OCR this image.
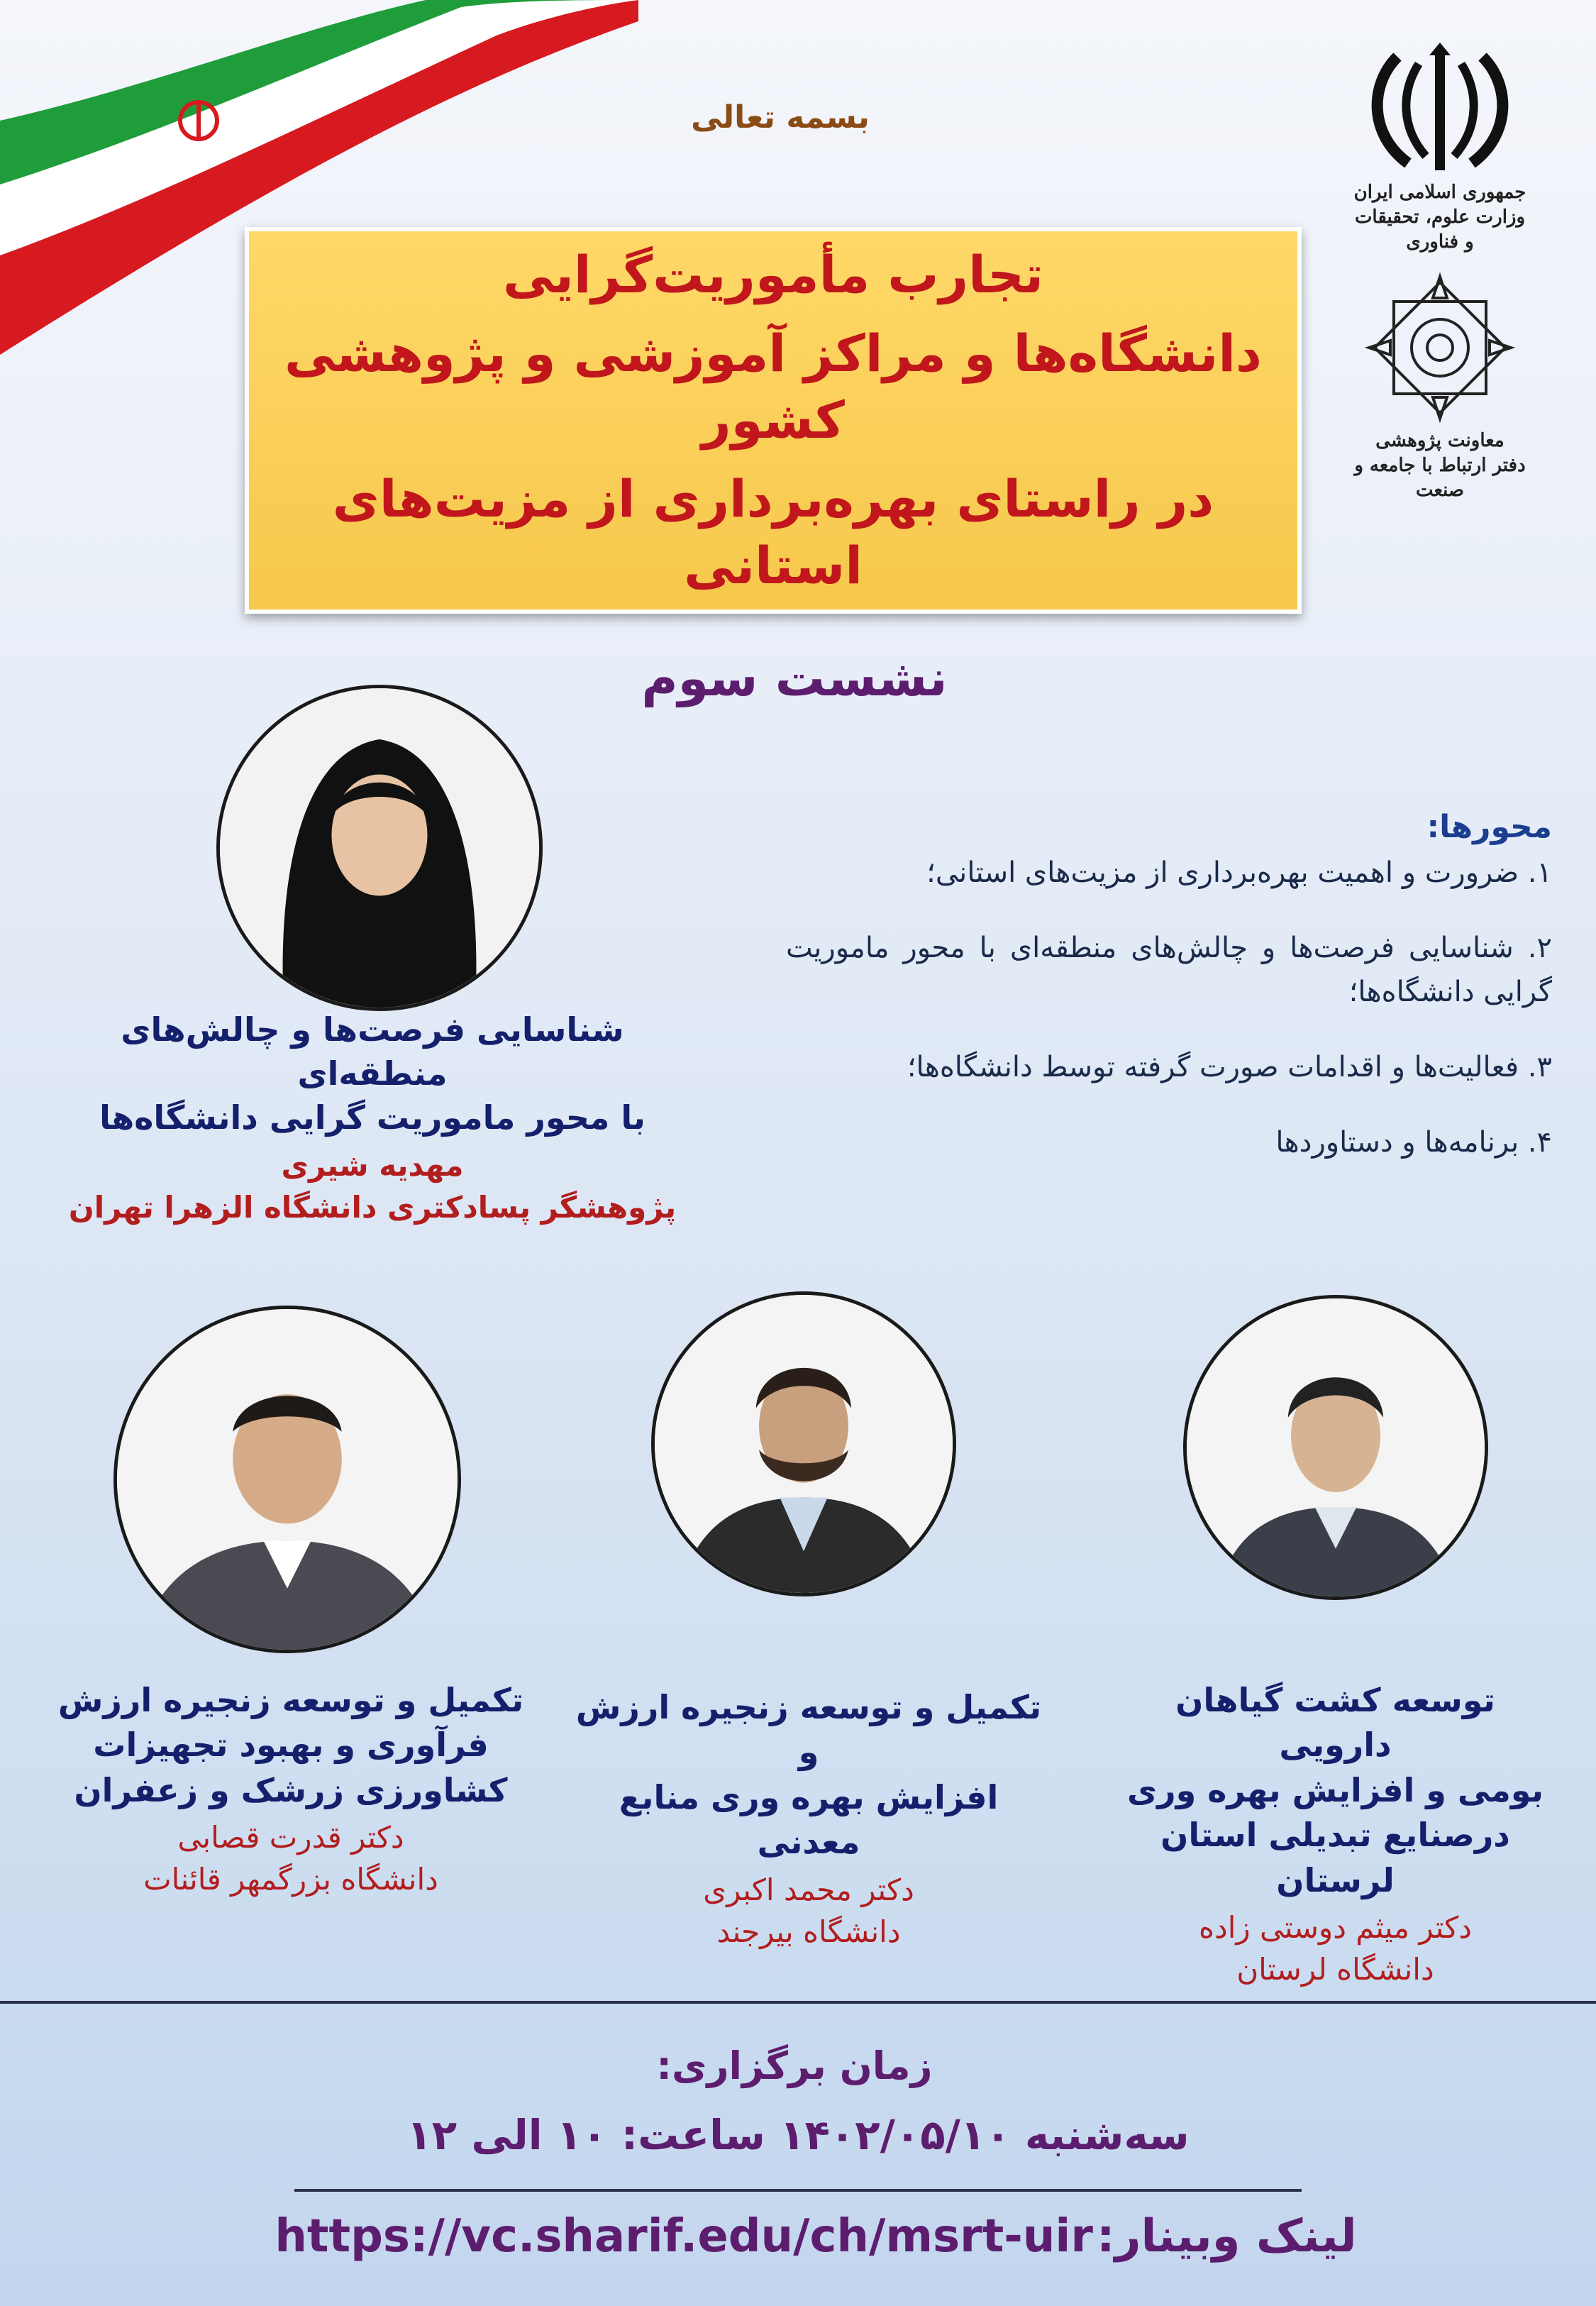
بسمه تعالی
جمهوری اسلامی ایران
وزارت علوم، تحقیقات و فناوری
معاونت پژوهشی
دفتر ارتباط با جامعه و صنعت
تجارب مأموریت‌گرایی
دانشگاه‌ها و مراکز آموزشی و پژوهشی کشور
در راستای بهره‌برداری از مزیت‌های استانی
نشست سوم
شناسایی فرصت‌ها و چالش‌های منطقه‌ای
با محور ماموریت گرایی دانشگاه‌ها
مهدیه شیری
پژوهشگر پسادکتری دانشگاه الزهرا تهران
محورها:
۱. ضرورت و اهمیت بهره‌برداری از مزیت‌های استانی؛
۲. شناسایی فرصت‌ها و چالش‌های منطقه‌ای با محور ماموریت گرایی دانشگاه‌ها؛
۳. فعالیت‌ها و اقدامات صورت گرفته توسط دانشگاه‌ها؛
۴. برنامه‌ها و دستاوردها
توسعه کشت گیاهان دارویی
بومی و افزایش بهره وری
درصنایع تبدیلی استان لرستان
دکتر میثم دوستی زاده
دانشگاه لرستان
تکمیل و توسعه زنجیره ارزش و
افزایش بهره وری منابع معدنی
دکتر محمد اکبری
دانشگاه بیرجند
تکمیل و توسعه زنجیره ارزش
فرآوری و بهبود تجهیزات
کشاورزی زرشک و زعفران
دکتر قدرت قصابی
دانشگاه بزرگمهر قائنات
زمان برگزاری:
سه‌شنبه ۱۴۰۲/۰۵/۱۰ ساعت: ۱۰ الی ۱۲
لینک وبینار: https://vc.sharif.edu/ch/msrt-uir
